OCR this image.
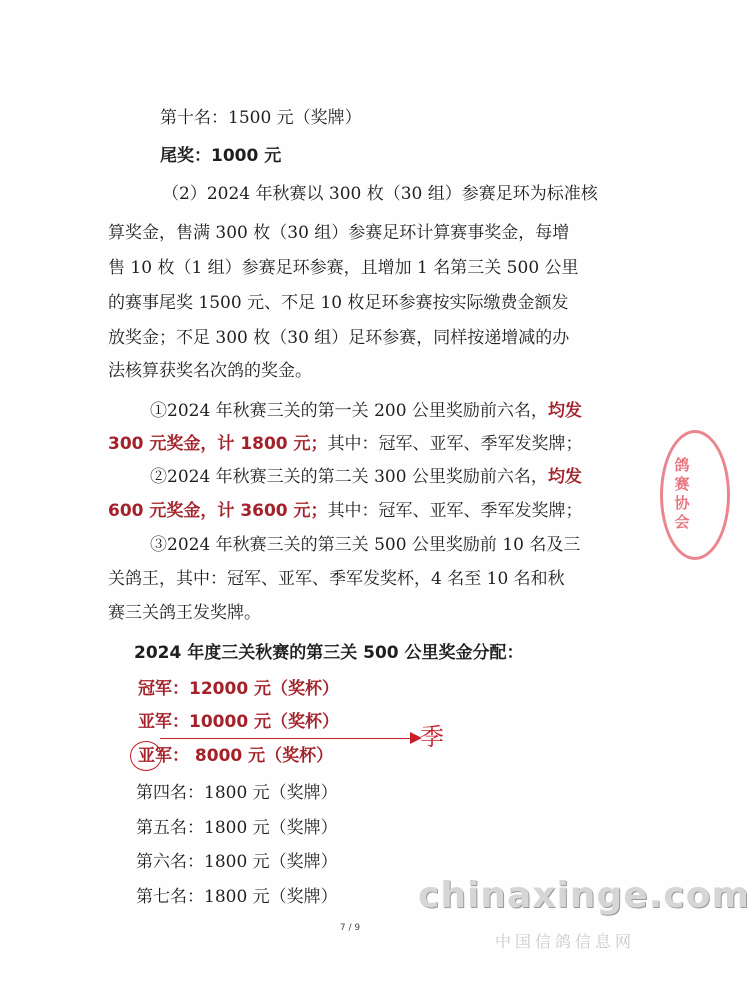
第十名：1500 元（奖牌）
尾奖：1000 元
（2）2024 年秋赛以 300 枚（30 组）参赛足环为标准核
算奖金，售满 300 枚（30 组）参赛足环计算赛事奖金，每增
售 10 枚（1 组）参赛足环参赛，且增加 1 名第三关 500 公里
的赛事尾奖 1500 元、不足 10 枚足环参赛按实际缴费金额发
放奖金；不足 300 枚（30 组）足环参赛，同样按递增减的办
法核算获奖名次鸽的奖金。
①2024 年秋赛三关的第一关 200 公里奖励前六名，均发
300 元奖金，计 1800 元；其中：冠军、亚军、季军发奖牌；
②2024 年秋赛三关的第二关 300 公里奖励前六名，均发
600 元奖金，计 3600 元；其中：冠军、亚军、季军发奖牌；
③2024 年秋赛三关的第三关 500 公里奖励前 10 名及三
关鸽王，其中：冠军、亚军、季军发奖杯，4 名至 10 名和秋
赛三关鸽王发奖牌。
2024 年度三关秋赛的第三关 500 公里奖金分配：
冠军：12000 元（奖杯）
亚军：10000 元（奖杯）
亚军： 8000 元（奖杯）
第四名：1800 元（奖牌）
第五名：1800 元（奖牌）
第六名：1800 元（奖牌）
第七名：1800 元（奖牌）
季
鸽赛协会
7 / 9
chinaxinge.com
中国信鸽信息网
